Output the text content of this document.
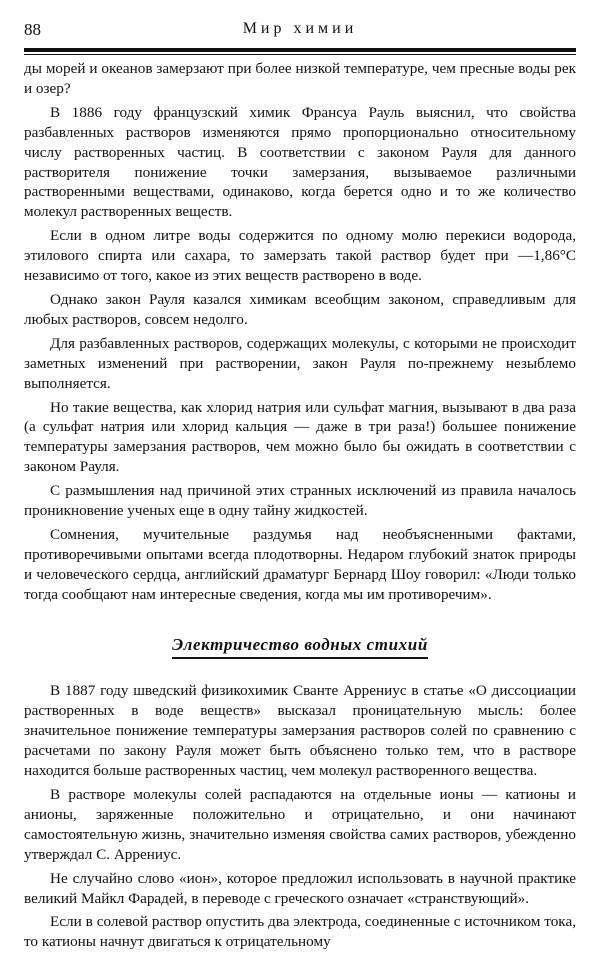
88	Мир химии

ды морей и океанов замерзают при более низкой температуре, чем пресные воды рек и озер?

В 1886 году французский химик Франсуа Рауль выяснил, что свойства разбавленных растворов изменяются прямо пропорционально относительному числу растворенных частиц. В соответствии с законом Рауля для данного растворителя понижение точки замерзания, вызываемое различными растворенными веществами, одинаково, когда берется одно и то же количество молекул растворенных веществ.

Если в одном литре воды содержится по одному молю перекиси водорода, этилового спирта или сахара, то замерзать такой раствор будет при —1,86°С независимо от того, какое из этих веществ растворено в воде.

Однако закон Рауля казался химикам всеобщим законом, справедливым для любых растворов, совсем недолго.

Для разбавленных растворов, содержащих молекулы, с которыми не происходит заметных изменений при растворении, закон Рауля по-прежнему незыблемо выполняется.

Но такие вещества, как хлорид натрия или сульфат магния, вызывают в два раза (а сульфат натрия или хлорид кальция — даже в три раза!) большее понижение температуры замерзания растворов, чем можно было бы ожидать в соответствии с законом Рауля.

С размышления над причиной этих странных исключений из правила началось проникновение ученых еще в одну тайну жидкостей.

Сомнения, мучительные раздумья над необъясненными фактами, противоречивыми опытами всегда плодотворны. Недаром глубокий знаток природы и человеческого сердца, английский драматург Бернард Шоу говорил: «Люди только тогда сообщают нам интересные сведения, когда мы им противоречим».

Электричество водных стихий

В 1887 году шведский физикохимик Сванте Аррениус в статье «О диссоциации растворенных в воде веществ» высказал проницательную мысль: более значительное понижение температуры замерзания растворов солей по сравнению с расчетами по закону Рауля может быть объяснено только тем, что в растворе находится больше растворенных частиц, чем молекул растворенного вещества.

В растворе молекулы солей распадаются на отдельные ионы — катионы и анионы, заряженные положительно и отрицательно, и они начинают самостоятельную жизнь, значительно изменяя свойства самих растворов, убежденно утверждал С. Аррениус.

Не случайно слово «ион», которое предложил использовать в научной практике великий Майкл Фарадей, в переводе с греческого означает «странствующий».

Если в солевой раствор опустить два электрода, соединенные с источником тока, то катионы начнут двигаться к отрицательному
